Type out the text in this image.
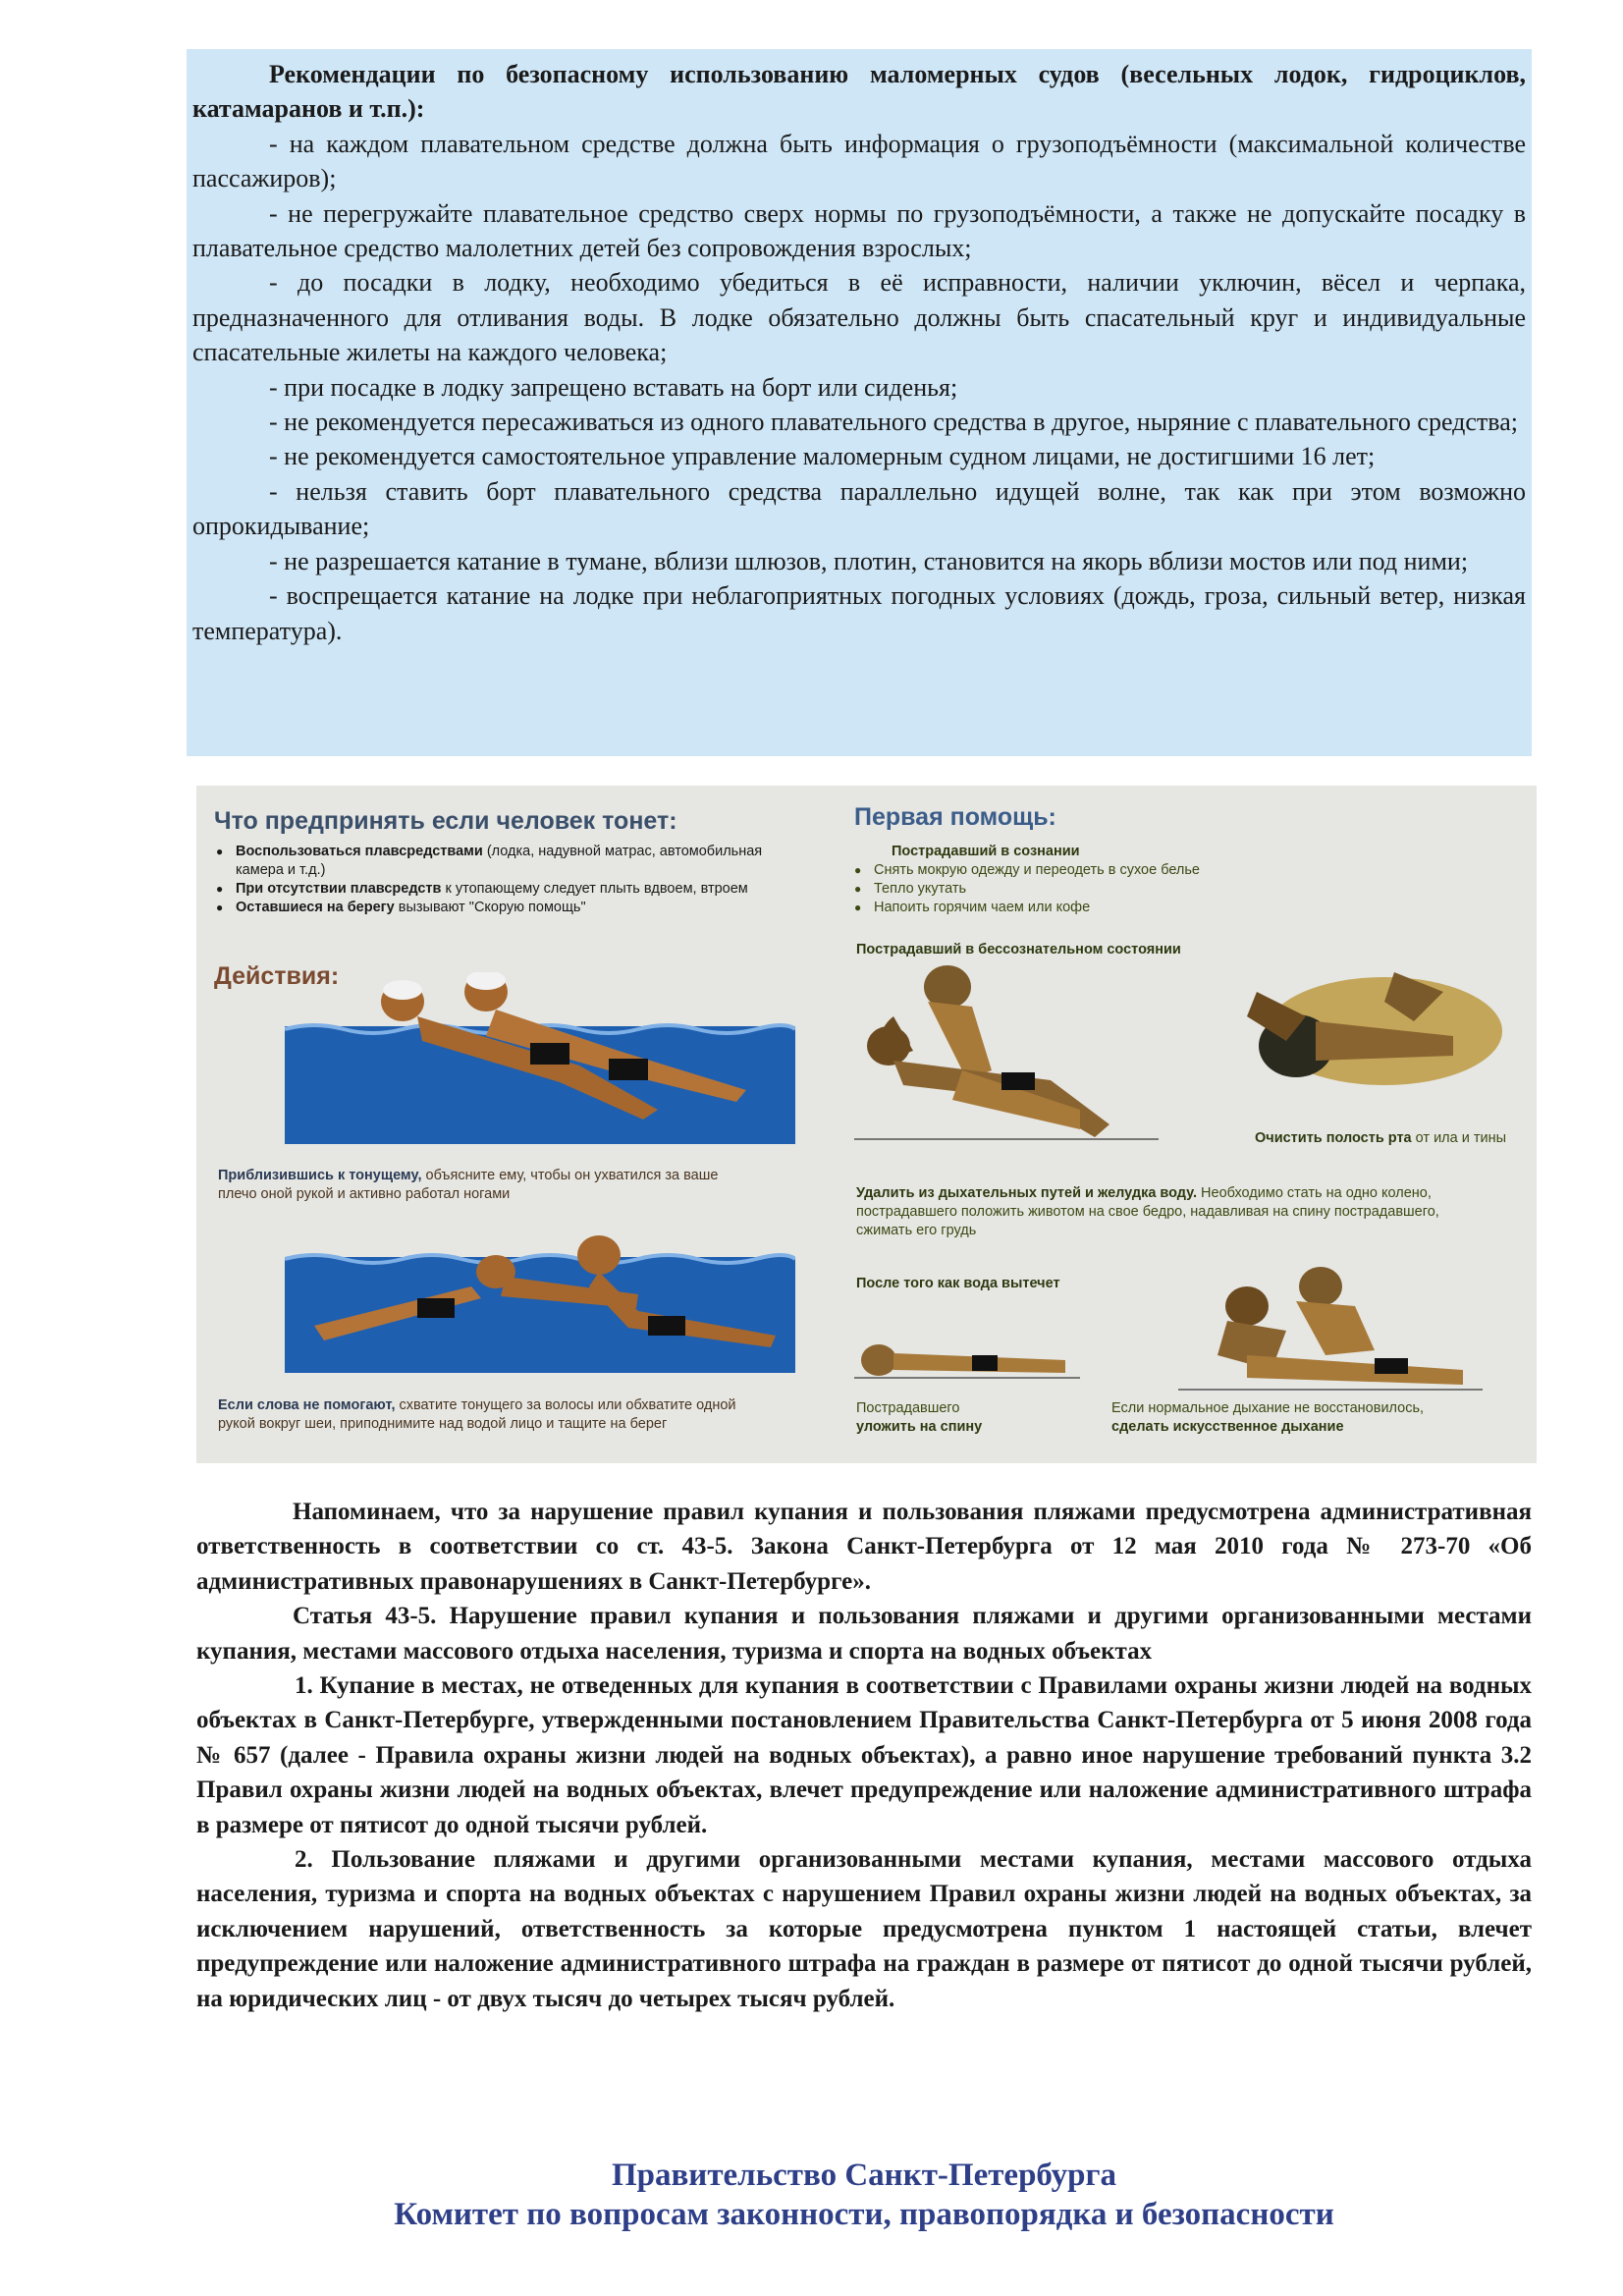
Рекомендации по безопасному использованию маломерных судов (весельных лодок, гидроциклов, катамаранов и т.п.):

- на каждом плавательном средстве должна быть информация о грузоподъёмности (максимальной количестве пассажиров);

- не перегружайте плавательное средство сверх нормы по грузоподъёмности, а также не допускайте посадку в плавательное средство малолетних детей без сопровождения взрослых;

- до посадки в лодку, необходимо убедиться в её исправности, наличии уключин, вёсел и черпака, предназначенного для отливания воды. В лодке обязательно должны быть спасательный круг и индивидуальные спасательные жилеты на каждого человека;

- при посадке в лодку запрещено вставать на борт или сиденья;

- не рекомендуется пересаживаться из одного плавательного средства в другое, ныряние с плавательного средства;

- не рекомендуется самостоятельное управление маломерным судном лицами, не достигшими 16 лет;

- нельзя ставить борт плавательного средства параллельно идущей волне, так как при этом возможно опрокидывание;

- не разрешается катание в тумане, вблизи шлюзов, плотин, становится на якорь вблизи мостов или под ними;

- воспрещается катание на лодке при неблагоприятных погодных условиях (дождь, гроза, сильный ветер, низкая температура).

Что предпринять если человек тонет:
● Воспользоваться плавсредствами (лодка, надувной матрас, автомобильная камера и т.д.)
● При отсутствии плавсредств к утопающему следует плыть вдвоем, втроем
● Оставшиеся на берегу вызывают "Скорую помощь"
Действия:
Приблизившись к тонущему, объясните ему, чтобы он ухватился за ваше плечо оной рукой и активно работал ногами
Если слова не помогают, схватите тонущего за волосы или обхватите одной рукой вокруг шеи, приподнимите над водой лицо и тащите на берег
Первая помощь:
Пострадавший в сознании
● Снять мокрую одежду и переодеть в сухое белье
● Тепло укутать
● Напоить горячим чаем или кофе
Пострадавший в бессознательном состоянии
Очистить полость рта от ила и тины
Удалить из дыхательных путей и желудка воду. Необходимо стать на одно колено, пострадавшего положить животом на свое бедро, надавливая на спину пострадавшего, сжимать его грудь
После того как вода вытечет
Пострадавшего
уложить на спину
Если нормальное дыхание не восстановилось,
сделать искусственное дыхание

Напоминаем, что за нарушение правил купания и пользования пляжами предусмотрена административная ответственность в соответствии со ст. 43-5. Закона Санкт-Петербурга от 12 мая 2010 года № 273-70 «Об административных правонарушениях в Санкт-Петербурге».

Статья 43-5. Нарушение правил купания и пользования пляжами и другими организованными местами купания, местами массового отдыха населения, туризма и спорта на водных объектах

1. Купание в местах, не отведенных для купания в соответствии с Правилами охраны жизни людей на водных объектах в Санкт-Петербурге, утвержденными постановлением Правительства Санкт-Петербурга от 5 июня 2008 года № 657 (далее - Правила охраны жизни людей на водных объектах), а равно иное нарушение требований пункта 3.2 Правил охраны жизни людей на водных объектах, влечет предупреждение или наложение административного штрафа в размере от пятисот до одной тысячи рублей.

2. Пользование пляжами и другими организованными местами купания, местами массового отдыха населения, туризма и спорта на водных объектах с нарушением Правил охраны жизни людей на водных объектах, за исключением нарушений, ответственность за которые предусмотрена пунктом 1 настоящей статьи, влечет предупреждение или наложение административного штрафа на граждан в размере от пятисот до одной тысячи рублей, на юридических лиц - от двух тысяч до четырех тысяч рублей.

Правительство Санкт-Петербурга
Комитет по вопросам законности, правопорядка и безопасности
